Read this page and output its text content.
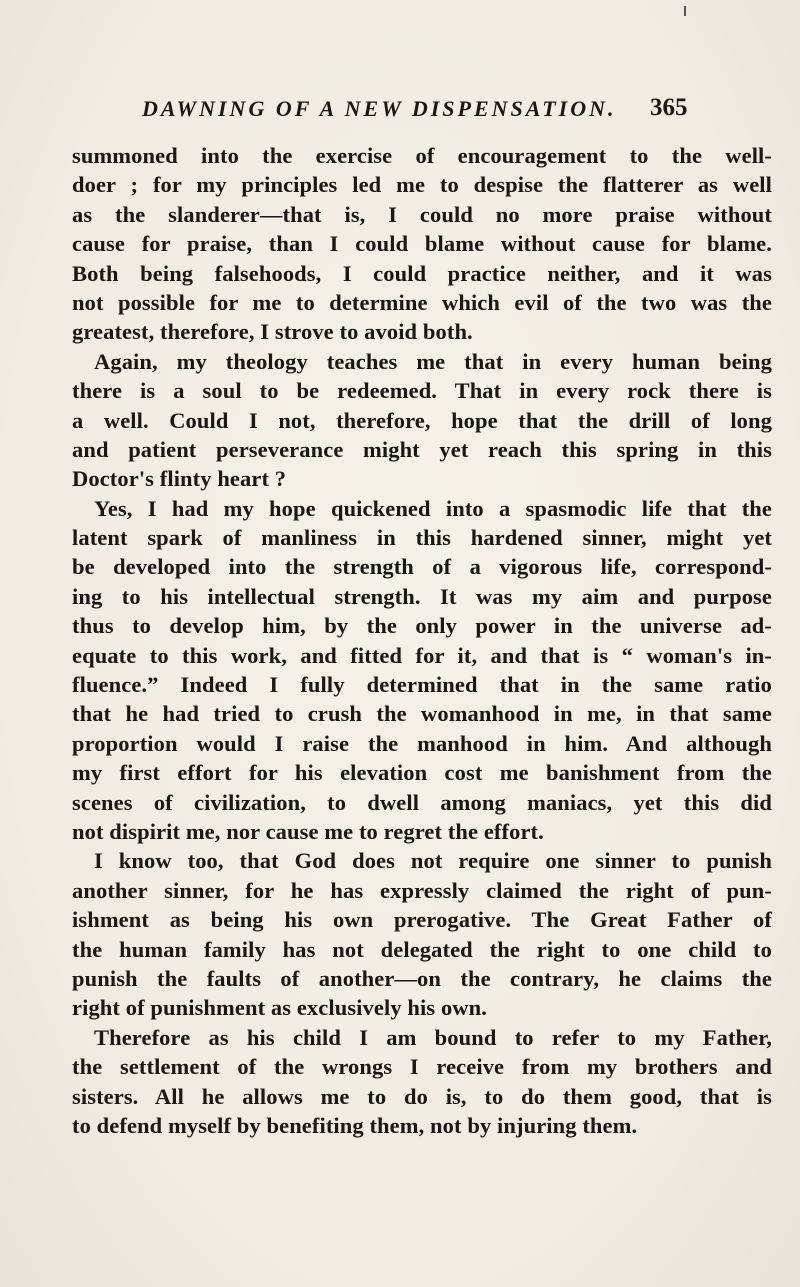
DAWNING OF A NEW DISPENSATION. 365
summoned into the exercise of encouragement to the well-
doer ; for my principles led me to despise the flatterer as well
as the slanderer—that is, I could no more praise without
cause for praise, than I could blame without cause for blame.
Both being falsehoods, I could practice neither, and it was
not possible for me to determine which evil of the two was the
greatest, therefore, I strove to avoid both.
Again, my theology teaches me that in every human being
there is a soul to be redeemed. That in every rock there is
a well. Could I not, therefore, hope that the drill of long
and patient perseverance might yet reach this spring in this
Doctor's flinty heart ?
Yes, I had my hope quickened into a spasmodic life that the
latent spark of manliness in this hardened sinner, might yet
be developed into the strength of a vigorous life, correspond-
ing to his intellectual strength. It was my aim and purpose
thus to develop him, by the only power in the universe ad-
equate to this work, and fitted for it, and that is “ woman's in-
fluence.” Indeed I fully determined that in the same ratio
that he had tried to crush the womanhood in me, in that same
proportion would I raise the manhood in him. And although
my first effort for his elevation cost me banishment from the
scenes of civilization, to dwell among maniacs, yet this did
not dispirit me, nor cause me to regret the effort.
I know too, that God does not require one sinner to punish
another sinner, for he has expressly claimed the right of pun-
ishment as being his own prerogative. The Great Father of
the human family has not delegated the right to one child to
punish the faults of another—on the contrary, he claims the
right of punishment as exclusively his own.
Therefore as his child I am bound to refer to my Father,
the settlement of the wrongs I receive from my brothers and
sisters. All he allows me to do is, to do them good, that is
to defend myself by benefiting them, not by injuring them.
